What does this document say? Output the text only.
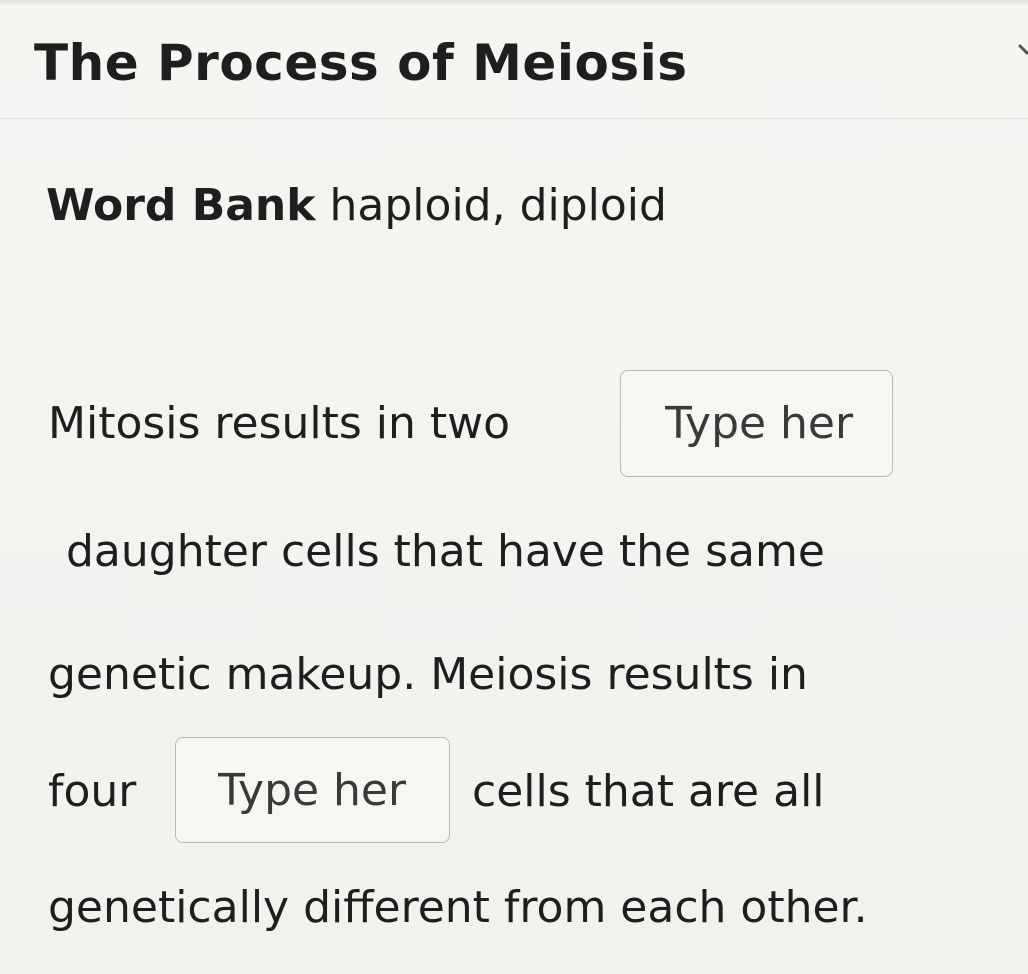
The Process of Meiosis
Word Bank haploid, diploid
Mitosis results in two
Type her
daughter cells that have the same
genetic makeup. Meiosis results in
four
Type her	cells that are all
genetically different from each other.
